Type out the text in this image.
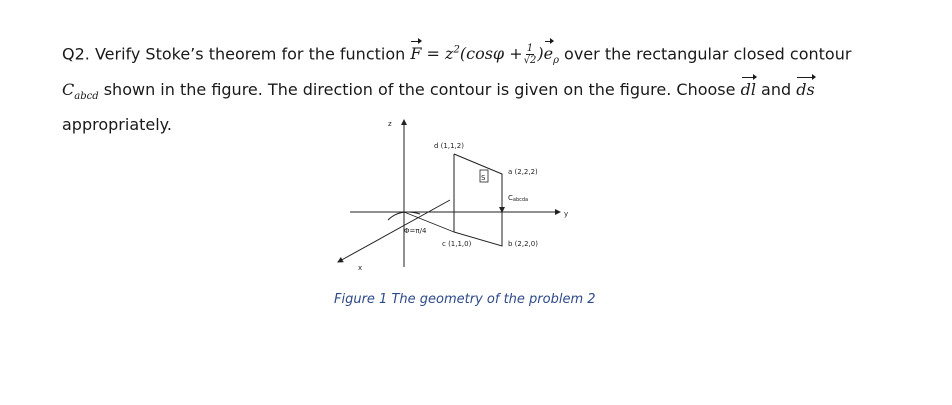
Q2. Verify Stoke’s theorem for the function $F = z^2(\cos\varphi + \frac{1}{√2} )e_\rho$ over the rectangular closed contour
$C_{abcd}$ shown in the figure. The direction of the contour is given on the figure. Choose dl and ds
appropriately.	z
y
x
d (1,1,2)
a (2,2,2)
b (2,2,0)
c (1,1,0)
S
Cabcda
Φ=π/4
Figure 1 The geometry of the problem 2
